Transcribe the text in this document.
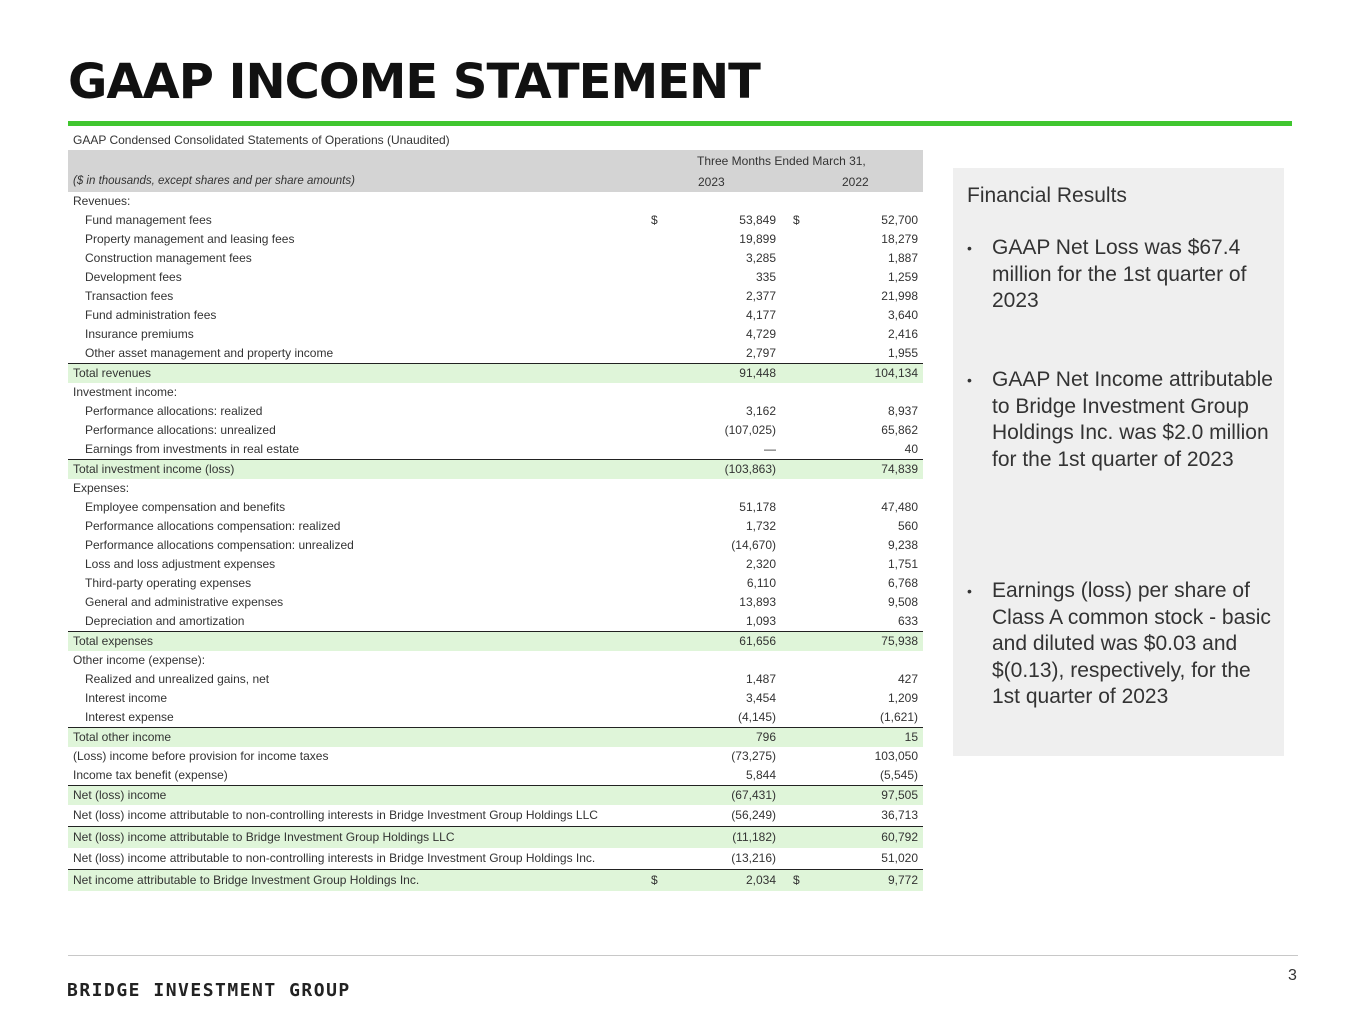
GAAP INCOME STATEMENT
GAAP Condensed Consolidated Statements of Operations (Unaudited)
Three Months Ended March 31,
($ in thousands, except shares and per share amounts)	2023	2022
Revenues:
Fund management fees	$	53,849 $	52,700
Property management and leasing fees	19,899	18,279
Construction management fees	3,285	1,887
Development fees	335	1,259
Transaction fees	2,377	21,998
Fund administration fees	4,177	3,640
Insurance premiums	4,729	2,416
Other asset management and property income	2,797	1,955
Total revenues	91,448	104,134
Investment income:
Performance allocations: realized	3,162	8,937
Performance allocations: unrealized	(107,025)	65,862
Earnings from investments in real estate	—	40
Total investment income (loss)	(103,863)	74,839
Expenses:
Employee compensation and benefits	51,178	47,480
Performance allocations compensation: realized	1,732	560
Performance allocations compensation: unrealized	(14,670)	9,238
Loss and loss adjustment expenses	2,320	1,751
Third-party operating expenses	6,110	6,768
General and administrative expenses	13,893	9,508
Depreciation and amortization	1,093	633
Total expenses	61,656	75,938
Other income (expense):
Realized and unrealized gains, net	1,487	427
Interest income	3,454	1,209
Interest expense	(4,145)	(1,621)
Total other income	796	15
(Loss) income before provision for income taxes	(73,275)	103,050
Income tax benefit (expense)	5,844	(5,545)
Net (loss) income	(67,431)	97,505
Net (loss) income attributable to non-controlling interests in Bridge Investment Group Holdings LLC	(56,249)	36,713
Net (loss) income attributable to Bridge Investment Group Holdings LLC	(11,182)	60,792
Net (loss) income attributable to non-controlling interests in Bridge Investment Group Holdings Inc.	(13,216)	51,020
Net income attributable to Bridge Investment Group Holdings Inc.	$	2,034 $	9,772
Financial Results
• GAAP Net Loss was $67.4 million for the 1st quarter of 2023
• GAAP Net Income attributable to Bridge Investment Group Holdings Inc. was $2.0 million for the 1st quarter of 2023
• Earnings (loss) per share of Class A common stock - basic and diluted was $0.03 and $(0.13), respectively, for the 1st quarter of 2023
BRIDGE INVESTMENT GROUP
3
